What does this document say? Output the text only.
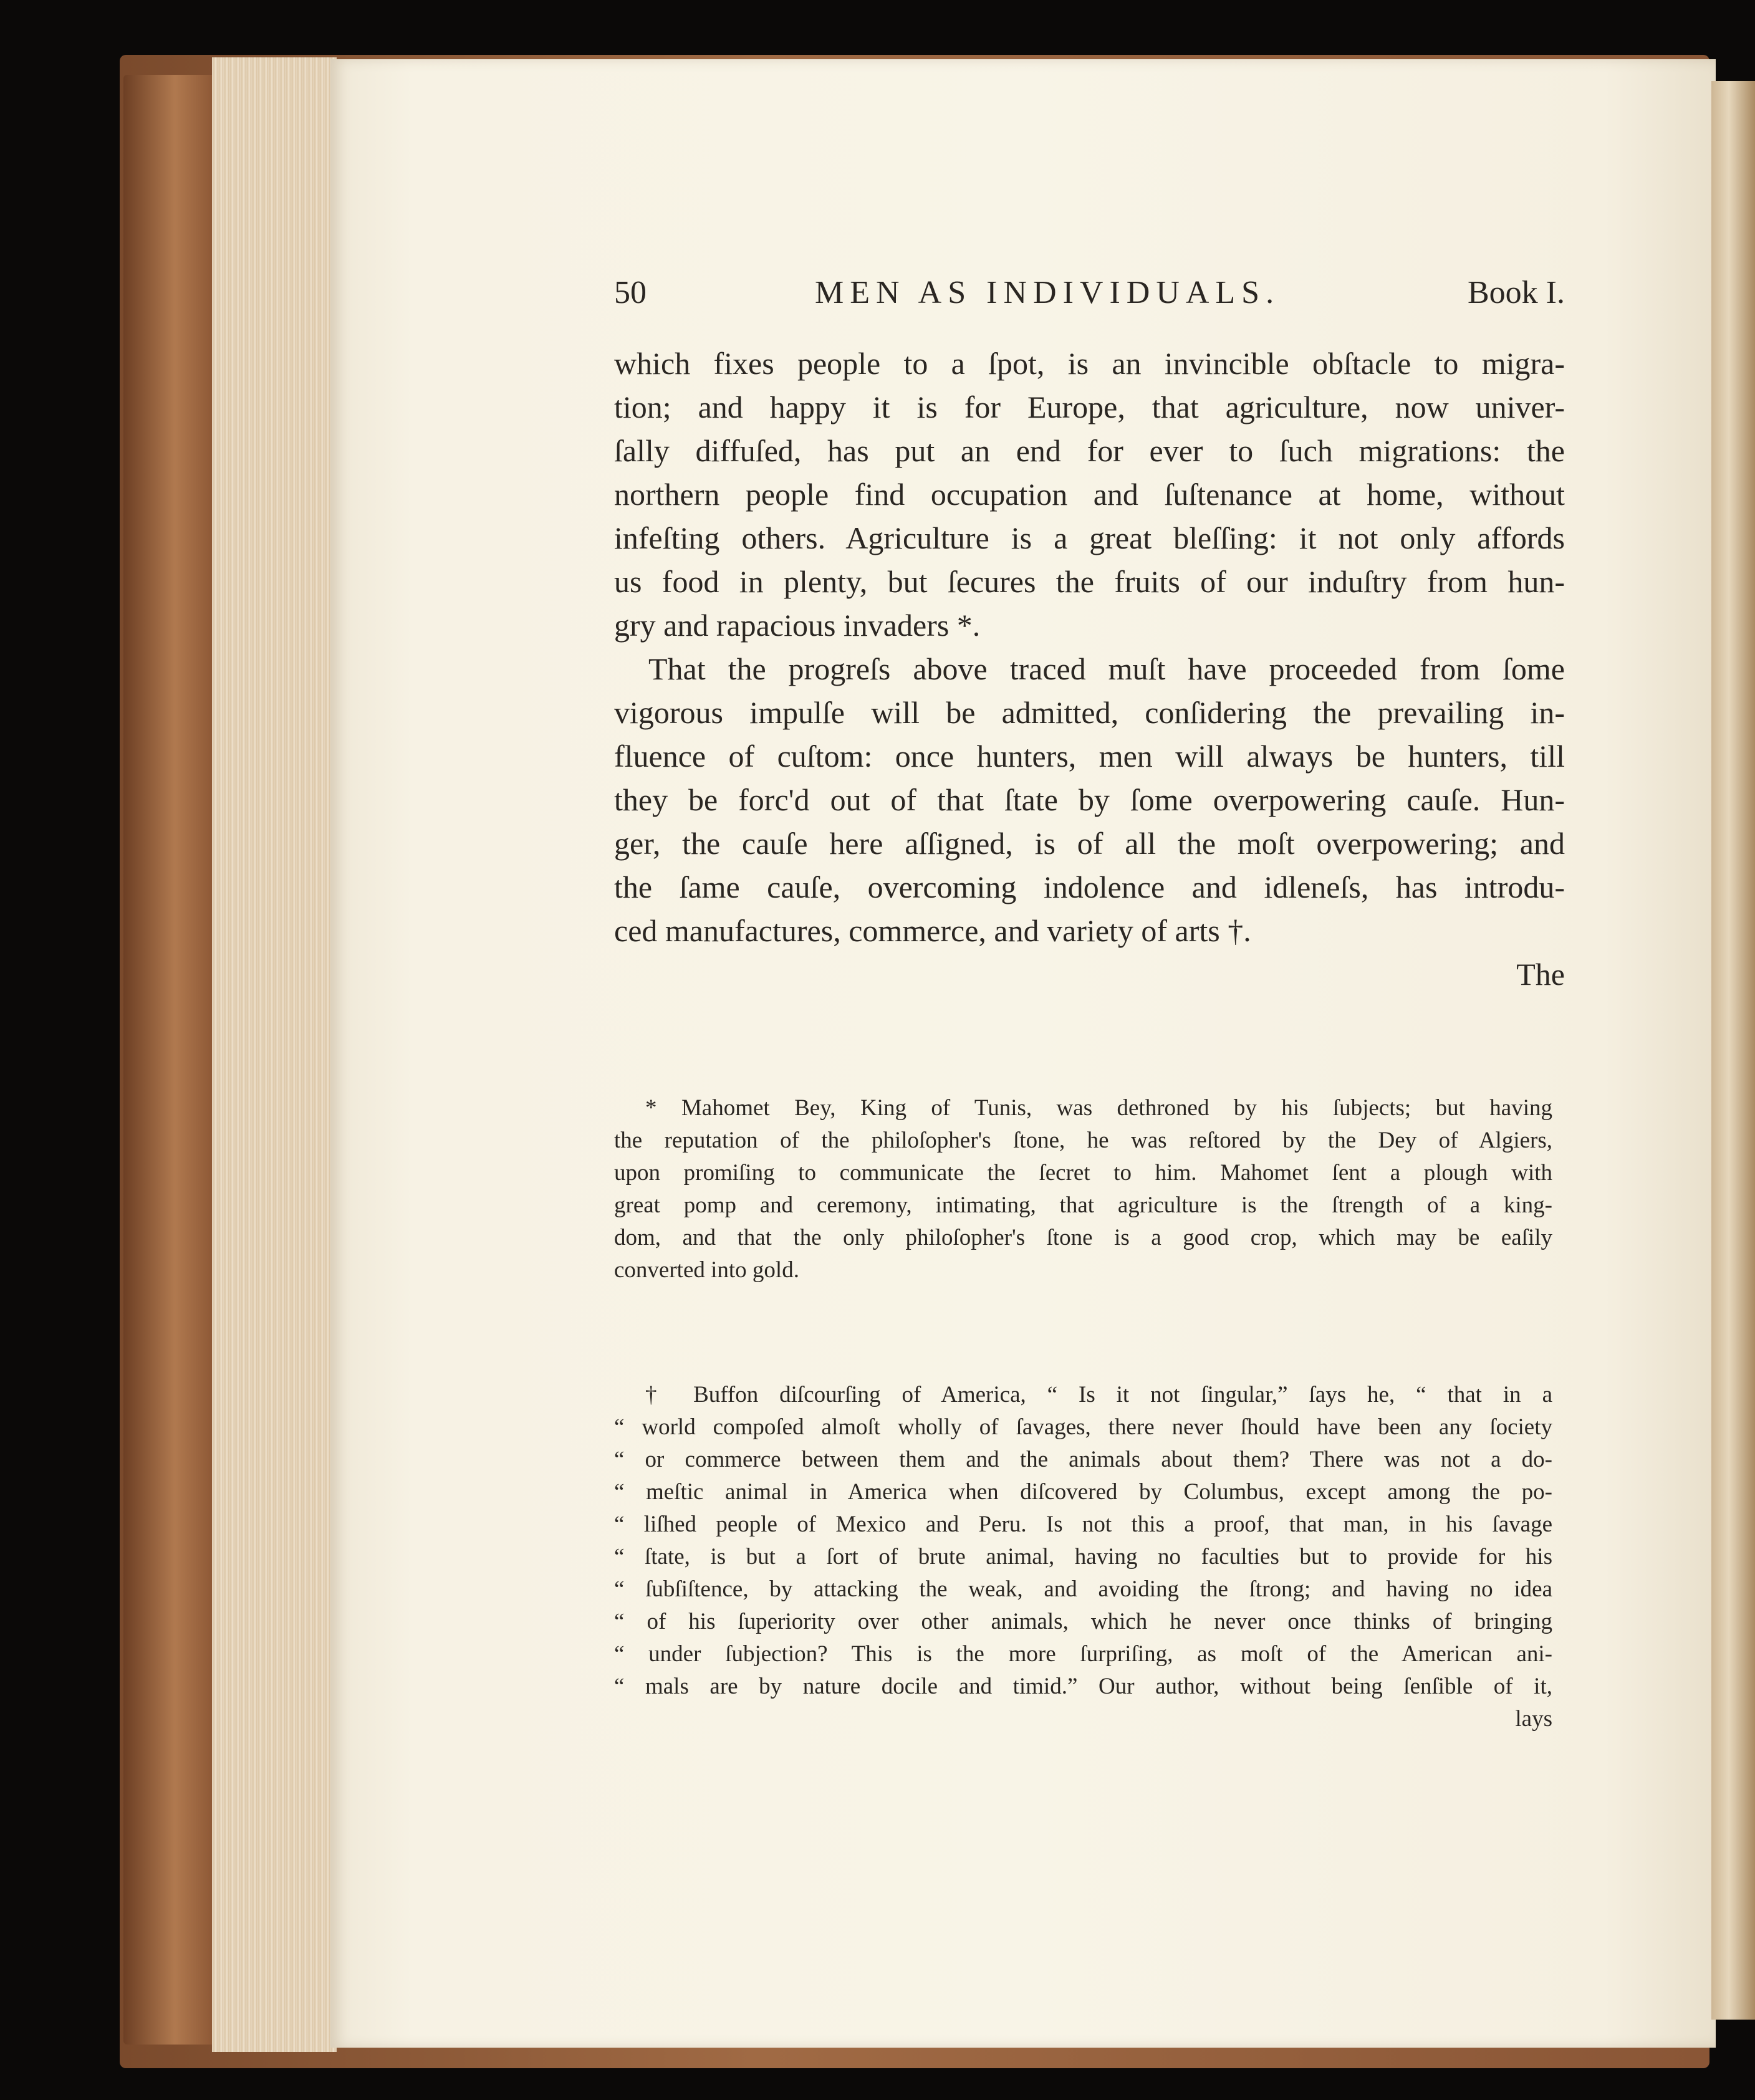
50	MEN AS INDIVIDUALS.	Book I.
which fixes people to a ſpot, is an invincible obſtacle to migra-
tion; and happy it is for Europe, that agriculture, now univer-
ſally diffuſed, has put an end for ever to ſuch migrations: the
northern people find occupation and ſuſtenance at home, without
infeſting others. Agriculture is a great bleſſing: it not only affords
us food in plenty, but ſecures the fruits of our induſtry from hun-
gry and rapacious invaders *.
That the progreſs above traced muſt have proceeded from ſome
vigorous impulſe will be admitted, conſidering the prevailing in-
fluence of cuſtom: once hunters, men will always be hunters, till
they be forc'd out of that ſtate by ſome overpowering cauſe. Hun-
ger, the cauſe here aſſigned, is of all the moſt overpowering; and
the ſame cauſe, overcoming indolence and idleneſs, has introdu-
ced manufactures, commerce, and variety of arts †.
The
* Mahomet Bey, King of Tunis, was dethroned by his ſubjects; but having
the reputation of the philoſopher's ſtone, he was reſtored by the Dey of Algiers,
upon promiſing to communicate the ſecret to him. Mahomet ſent a plough with
great pomp and ceremony, intimating, that agriculture is the ſtrength of a king-
dom, and that the only philoſopher's ſtone is a good crop, which may be eaſily
converted into gold.
† Buffon diſcourſing of America, “ Is it not ſingular,” ſays he, “ that in a
“ world compoſed almoſt wholly of ſavages, there never ſhould have been any ſociety
“ or commerce between them and the animals about them? There was not a do-
“ meſtic animal in America when diſcovered by Columbus, except among the po-
“ liſhed people of Mexico and Peru. Is not this a proof, that man, in his ſavage
“ ſtate, is but a ſort of brute animal, having no faculties but to provide for his
“ ſubſiſtence, by attacking the weak, and avoiding the ſtrong; and having no idea
“ of his ſuperiority over other animals, which he never once thinks of bringing
“ under ſubjection? This is the more ſurpriſing, as moſt of the American ani-
“ mals are by nature docile and timid.” Our author, without being ſenſible of it,
lays
